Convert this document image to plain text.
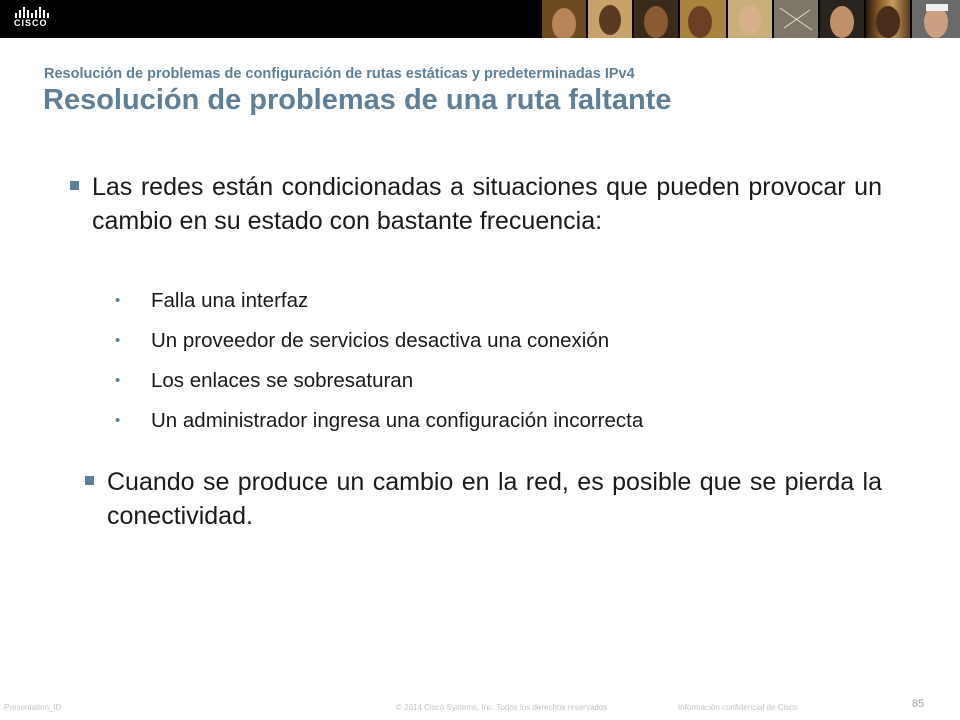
CISCO
Resolución de problemas de configuración de rutas estáticas y predeterminadas IPv4
Resolución de problemas de una ruta faltante
Las redes están condicionadas a situaciones que pueden provocar un cambio en su estado con bastante frecuencia:
• Falla una interfaz
• Un proveedor de servicios desactiva una conexión
• Los enlaces se sobresaturan
• Un administrador ingresa una configuración incorrecta
Cuando se produce un cambio en la red, es posible que se pierda la conectividad.
Presentation_ID	© 2014 Cisco Systems, Inc. Todos los derechos reservados.	Información confidencial de Cisco	85
